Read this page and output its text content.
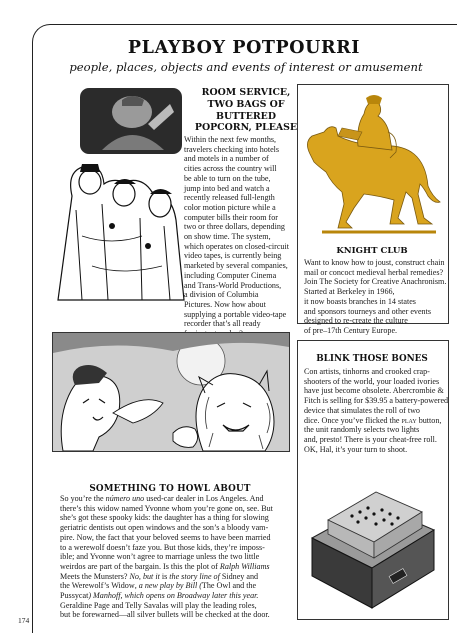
PLAYBOY POTPOURRI
people, places, objects and events of interest or amusement
ROOM SERVICE,
TWO BAGS OF
BUTTERED
POPCORN, PLEASE
Within the next few months,
travelers checking into hotels
and motels in a number of
cities across the country will
be able to turn on the tube,
jump into bed and watch a
recently released full-length
color motion picture while a
computer bills their room for
two or three dollars, depending
on show time. The system,
which operates on closed-circuit
video tapes, is currently being
marketed by several companies,
including Computer Cinema
and Trans-World Productions,
a division of Columbia
Pictures. Now how about
supplying a portable video-tape
recorder that’s all ready
KNIGHT CLUB
Want to know how to joust, construct chain
mail or concoct medieval herbal remedies?
Join The Society for Creative Anachronism.
Started at Berkeley in 1966,
it now boasts branches in 14 states
and sponsors tourneys and other events
designed to re-create the culture
of pre–17th Century Europe.
SOMETHING TO HOWL ABOUT
So you’re the número uno used-car dealer in Los Angeles. And
there’s this widow named Yvonne whom you’re gone on, see. But
she’s got these spooky kids: the daughter has a thing for slowing
geriatric dentists out open windows and the son’s a bloody vam-
pire. Now, the fact that your beloved seems to have been married
to a werewolf doesn’t faze you. But those kids, they’re imposs-
ible; and Yvonne won’t agree to marriage unless the two little
weirdos are part of the bargain. Is this the plot of Ralph Williams
Meets the Munsters? No, but it is the story line of Sidney and
the Werewolf’s Widow, a new play by Bill (The Owl and the
Pussycat) Manhoff, which opens on Broadway later this year.
Geraldine Page and Telly Savalas will play the leading roles,
but be forewarned—all silver bullets will be checked at the door.
BLINK THOSE BONES
Con artists, tinhorns and crooked crap-
shooters of the world, your loaded ivories
have just become obsolete. Abercrombie &
Fitch is selling for $39.95 a battery-powered
device that simulates the roll of two
dice. Once you’ve flicked the play button,
the unit randomly selects two lights
and, presto! There is your cheat-free roll.
OK, Hal, it’s your turn to shoot.
174
